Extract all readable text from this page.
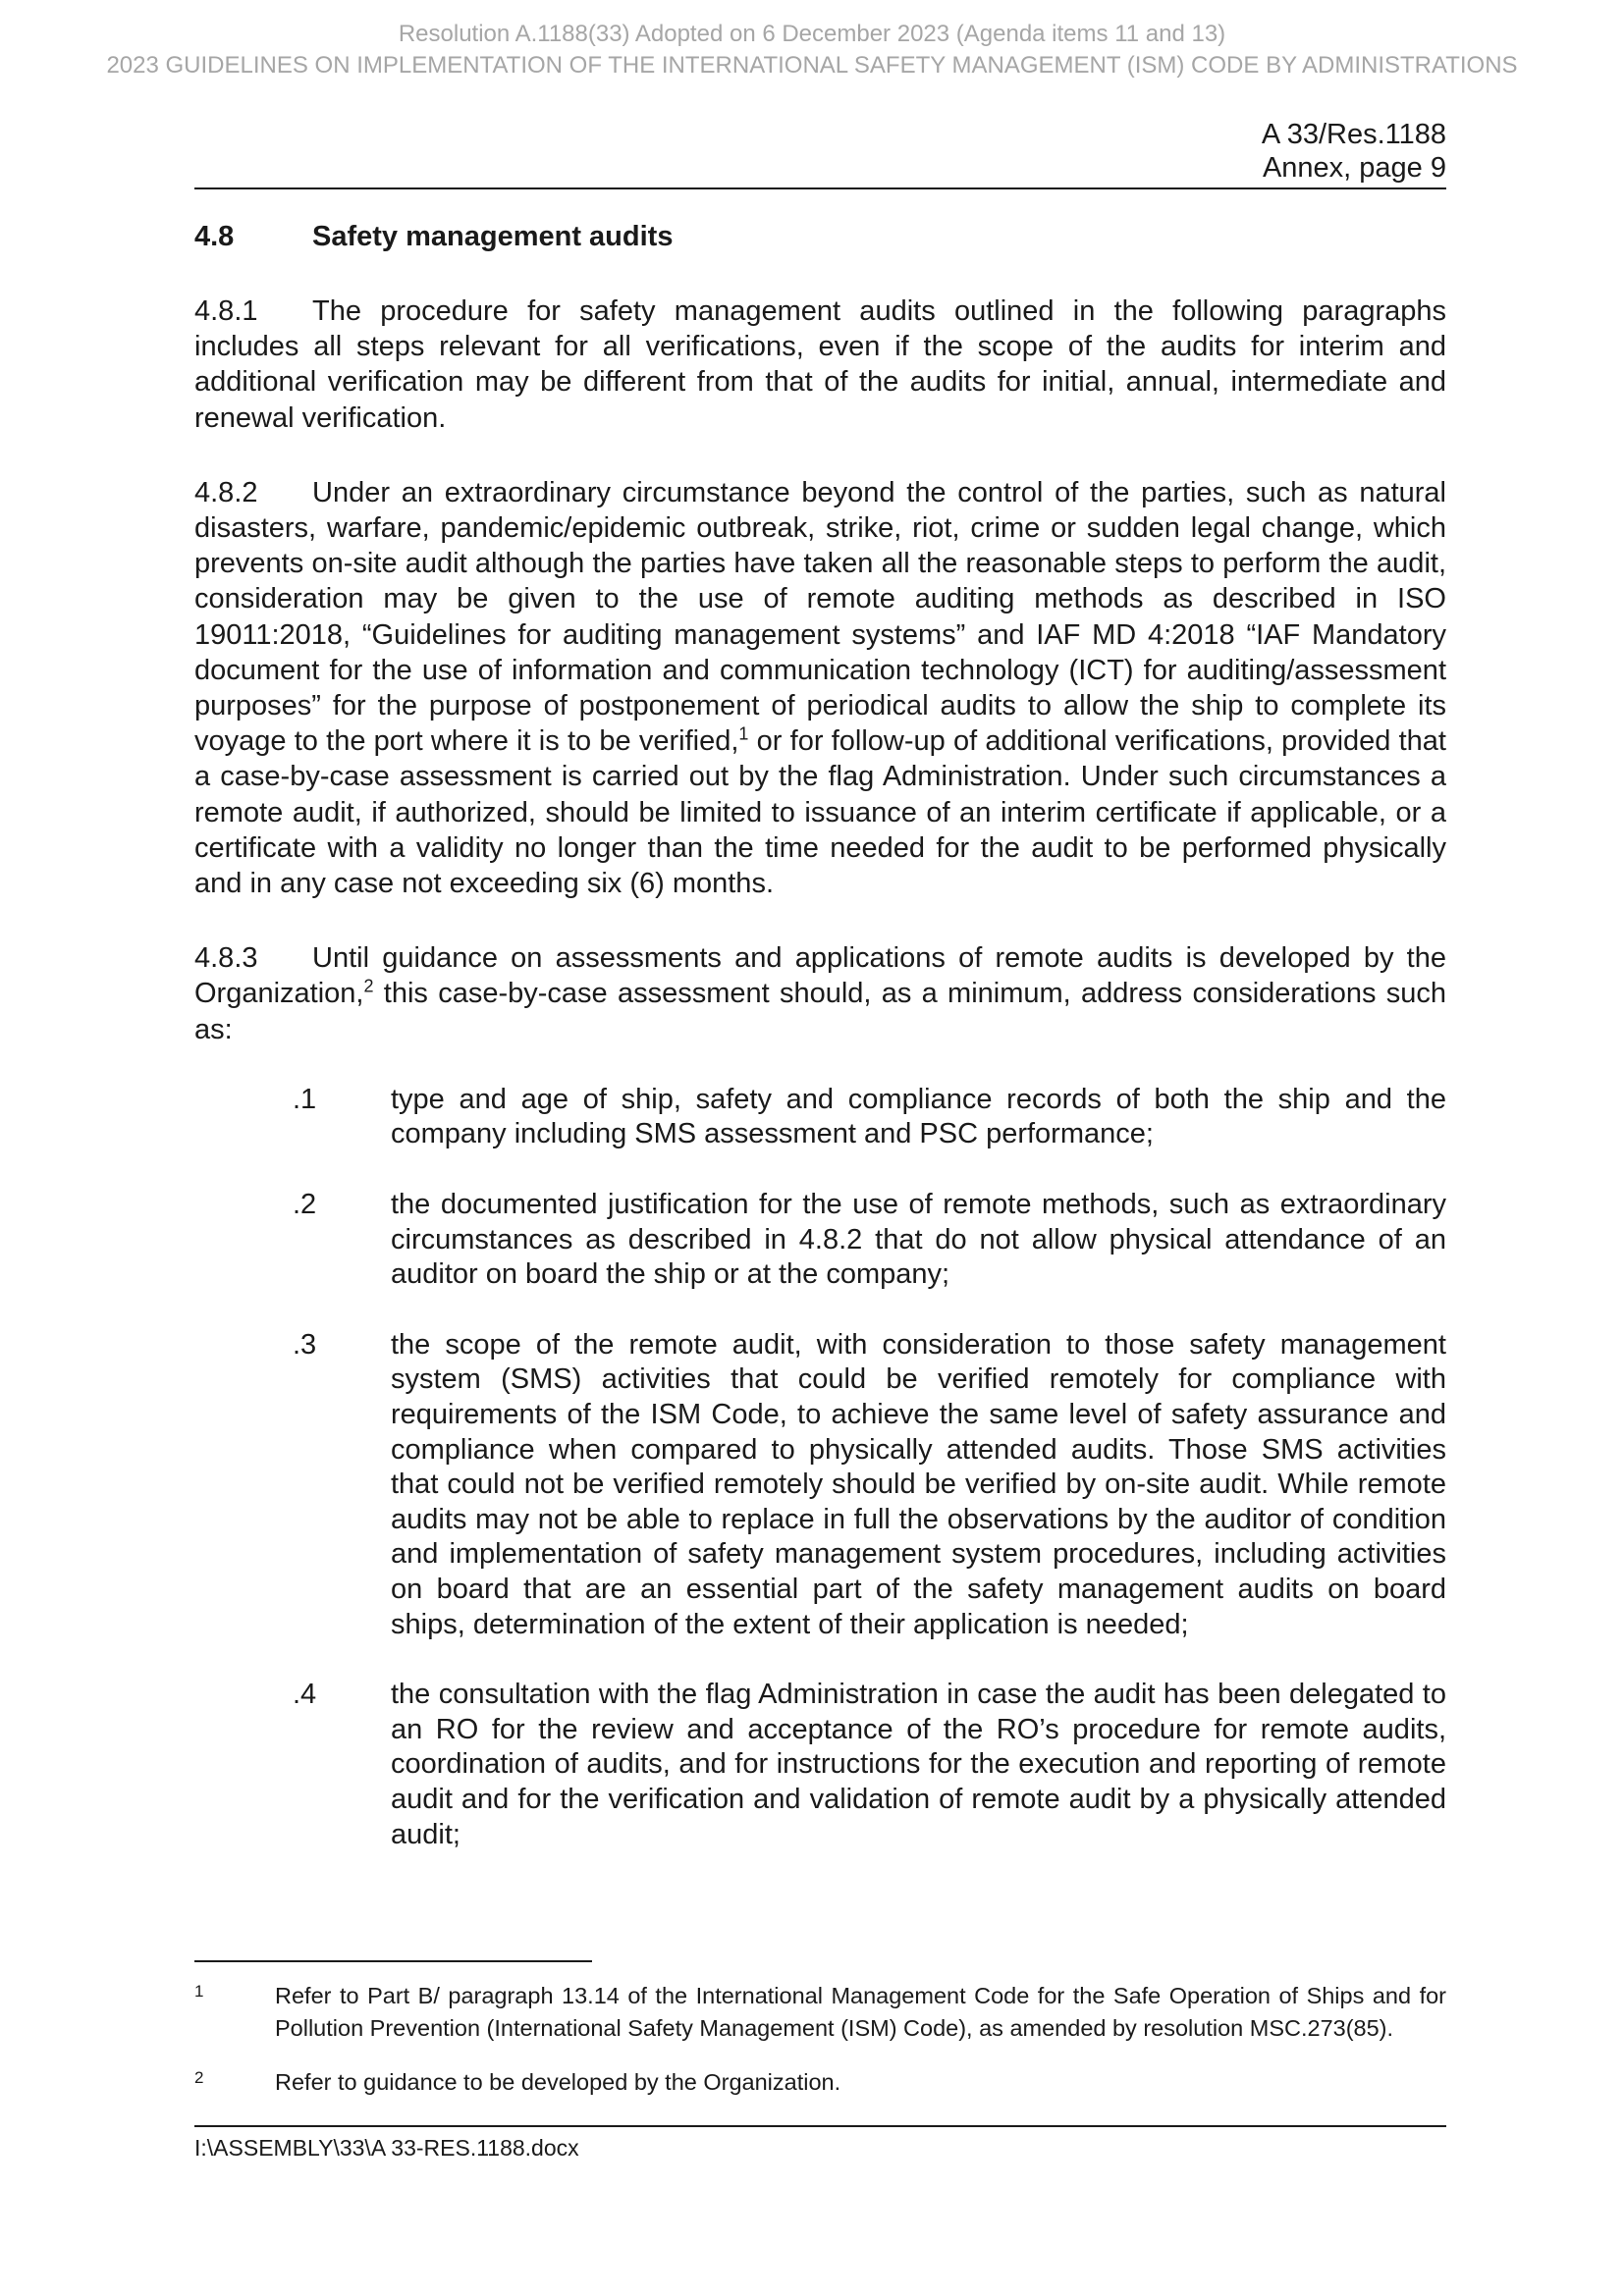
Resolution A.1188(33) Adopted on 6 December 2023 (Agenda items 11 and 13)
2023 GUIDELINES ON IMPLEMENTATION OF THE INTERNATIONAL SAFETY MANAGEMENT (ISM) CODE BY ADMINISTRATIONS
A 33/Res.1188
Annex, page 9
4.8	Safety management audits
4.8.1 The procedure for safety management audits outlined in the following paragraphs includes all steps relevant for all verifications, even if the scope of the audits for interim and additional verification may be different from that of the audits for initial, annual, intermediate and renewal verification.
4.8.2 Under an extraordinary circumstance beyond the control of the parties, such as natural disasters, warfare, pandemic/epidemic outbreak, strike, riot, crime or sudden legal change, which prevents on-site audit although the parties have taken all the reasonable steps to perform the audit, consideration may be given to the use of remote auditing methods as described in ISO 19011:2018, “Guidelines for auditing management systems” and IAF MD 4:2018 “IAF Mandatory document for the use of information and communication technology (ICT) for auditing/assessment purposes” for the purpose of postponement of periodical audits to allow the ship to complete its voyage to the port where it is to be verified,$^1$ or for follow-up of additional verifications, provided that a case-by-case assessment is carried out by the flag Administration. Under such circumstances a remote audit, if authorized, should be limited to issuance of an interim certificate if applicable, or a certificate with a validity no longer than the time needed for the audit to be performed physically and in any case not exceeding six (6) months.
4.8.3 Until guidance on assessments and applications of remote audits is developed by the Organization,$^2$ this case-by-case assessment should, as a minimum, address considerations such as:
.1	type and age of ship, safety and compliance records of both the ship and the company including SMS assessment and PSC performance;
.2	the documented justification for the use of remote methods, such as extraordinary circumstances as described in 4.8.2 that do not allow physical attendance of an auditor on board the ship or at the company;
.3	the scope of the remote audit, with consideration to those safety management system (SMS) activities that could be verified remotely for compliance with requirements of the ISM Code, to achieve the same level of safety assurance and compliance when compared to physically attended audits. Those SMS activities that could not be verified remotely should be verified by on-site audit. While remote audits may not be able to replace in full the observations by the auditor of condition and implementation of safety management system procedures, including activities on board that are an essential part of the safety management audits on board ships, determination of the extent of their application is needed;
.4	the consultation with the flag Administration in case the audit has been delegated to an RO for the review and acceptance of the RO’s procedure for remote audits, coordination of audits, and for instructions for the execution and reporting of remote audit and for the verification and validation of remote audit by a physically attended audit;
1	Refer to Part B/ paragraph 13.14 of the International Management Code for the Safe Operation of Ships and for Pollution Prevention (International Safety Management (ISM) Code), as amended by resolution MSC.273(85).
2	Refer to guidance to be developed by the Organization.
I:\ASSEMBLY\33\A 33-RES.1188.docx
